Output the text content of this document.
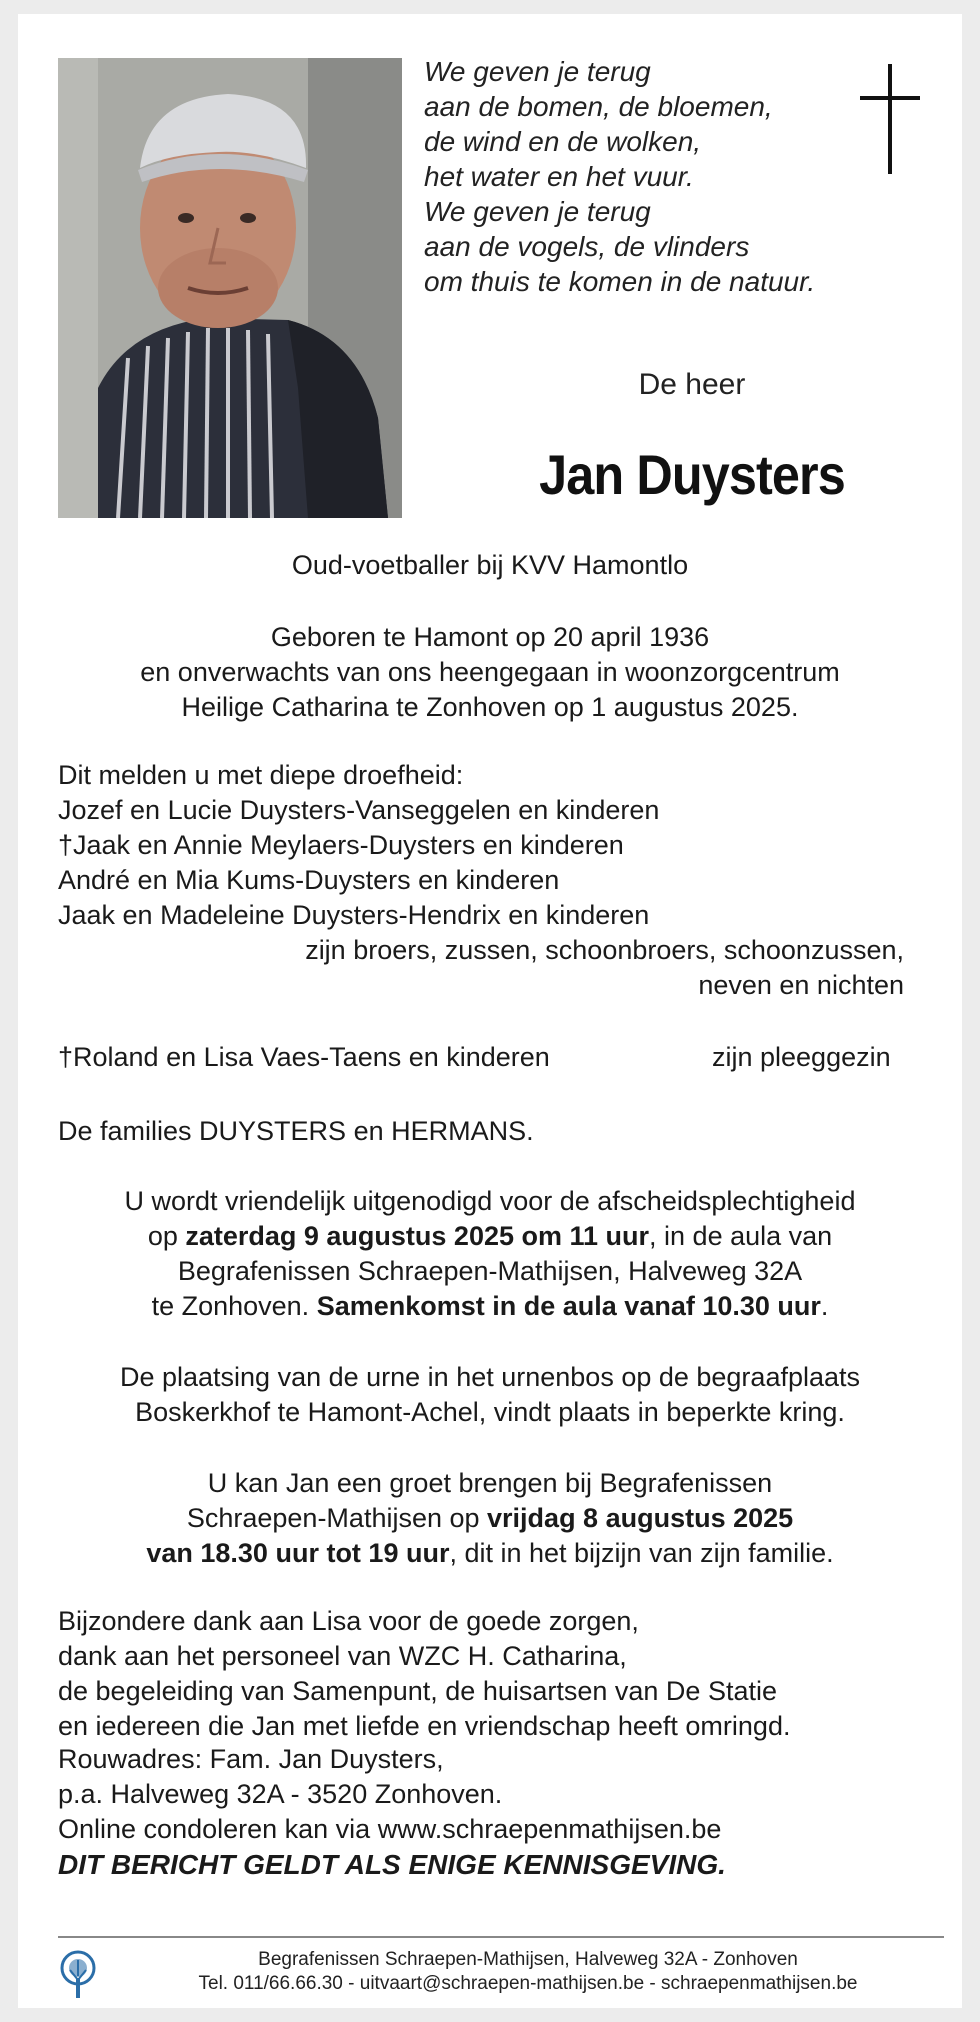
We geven je terug
aan de bomen, de bloemen,
de wind en de wolken,
het water en het vuur.
We geven je terug
aan de vogels, de vlinders
om thuis te komen in de natuur.
De heer
Jan Duysters
Oud-voetballer bij KVV Hamontlo
Geboren te Hamont op 20 april 1936
en onverwachts van ons heengegaan in woonzorgcentrum
Heilige Catharina te Zonhoven op 1 augustus 2025.
Dit melden u met diepe droefheid:
Jozef en Lucie Duysters-Vanseggelen en kinderen
†Jaak en Annie Meylaers-Duysters en kinderen
André en Mia Kums-Duysters en kinderen
Jaak en Madeleine Duysters-Hendrix en kinderen
zijn broers, zussen, schoonbroers, schoonzussen,
neven en nichten
†Roland en Lisa Vaes-Taens en kinderen	zijn pleeggezin
De families DUYSTERS en HERMANS.
U wordt vriendelijk uitgenodigd voor de afscheidsplechtigheid
op zaterdag 9 augustus 2025 om 11 uur, in de aula van
Begrafenissen Schraepen-Mathijsen, Halveweg 32A
te Zonhoven. Samenkomst in de aula vanaf 10.30 uur.
De plaatsing van de urne in het urnenbos op de begraafplaats
Boskerkhof te Hamont-Achel, vindt plaats in beperkte kring.
U kan Jan een groet brengen bij Begrafenissen
Schraepen-Mathijsen op vrijdag 8 augustus 2025
van 18.30 uur tot 19 uur, dit in het bijzijn van zijn familie.
Bijzondere dank aan Lisa voor de goede zorgen,
dank aan het personeel van WZC H. Catharina,
de begeleiding van Samenpunt, de huisartsen van De Statie
en iedereen die Jan met liefde en vriendschap heeft omringd.
Rouwadres: Fam. Jan Duysters,
p.a. Halveweg 32A - 3520 Zonhoven.
Online condoleren kan via www.schraepenmathijsen.be
DIT BERICHT GELDT ALS ENIGE KENNISGEVING.
Begrafenissen Schraepen-Mathijsen, Halveweg 32A - Zonhoven
Tel. 011/66.66.30 - uitvaart@schraepen-mathijsen.be - schraepenmathijsen.be
